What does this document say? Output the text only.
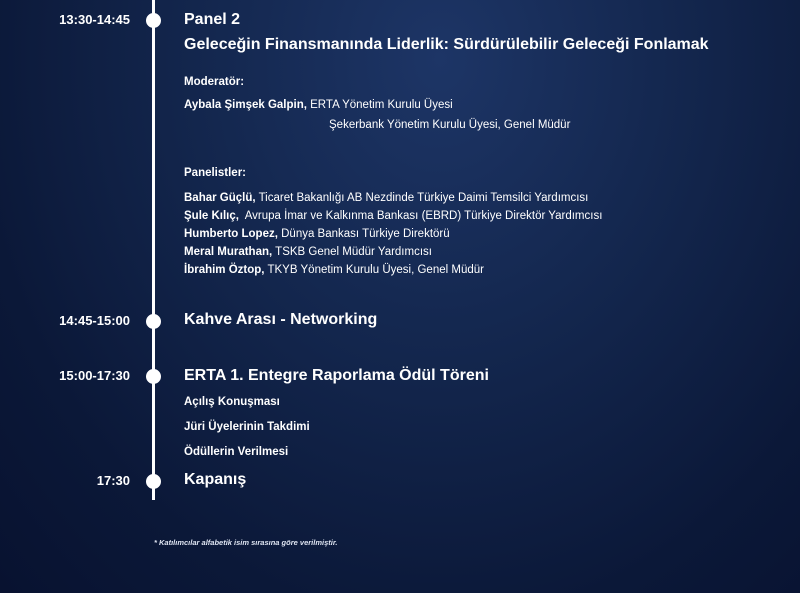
13:30-14:45	Panel 2
Geleceğin Finansmanında Liderlik: Sürdürülebilir Geleceği Fonlamak
Moderatör:
Aybala Şimşek Galpin, ERTA Yönetim Kurulu Üyesi
Şekerbank Yönetim Kurulu Üyesi, Genel Müdür
Panelistler:
Bahar Güçlü, Ticaret Bakanlığı AB Nezdinde Türkiye Daimi Temsilci Yardımcısı
Şule Kılıç,  Avrupa İmar ve Kalkınma Bankası (EBRD) Türkiye Direktör Yardımcısı
Humberto Lopez, Dünya Bankası Türkiye Direktörü
Meral Murathan, TSKB Genel Müdür Yardımcısı
İbrahim Öztop, TKYB Yönetim Kurulu Üyesi, Genel Müdür
14:45-15:00	Kahve Arası - Networking
15:00-17:30	ERTA 1. Entegre Raporlama Ödül Töreni
Açılış Konuşması
Jüri Üyelerinin Takdimi
Ödüllerin Verilmesi
17:30	Kapanış
* Katılımcılar alfabetik isim sırasına göre verilmiştir.
